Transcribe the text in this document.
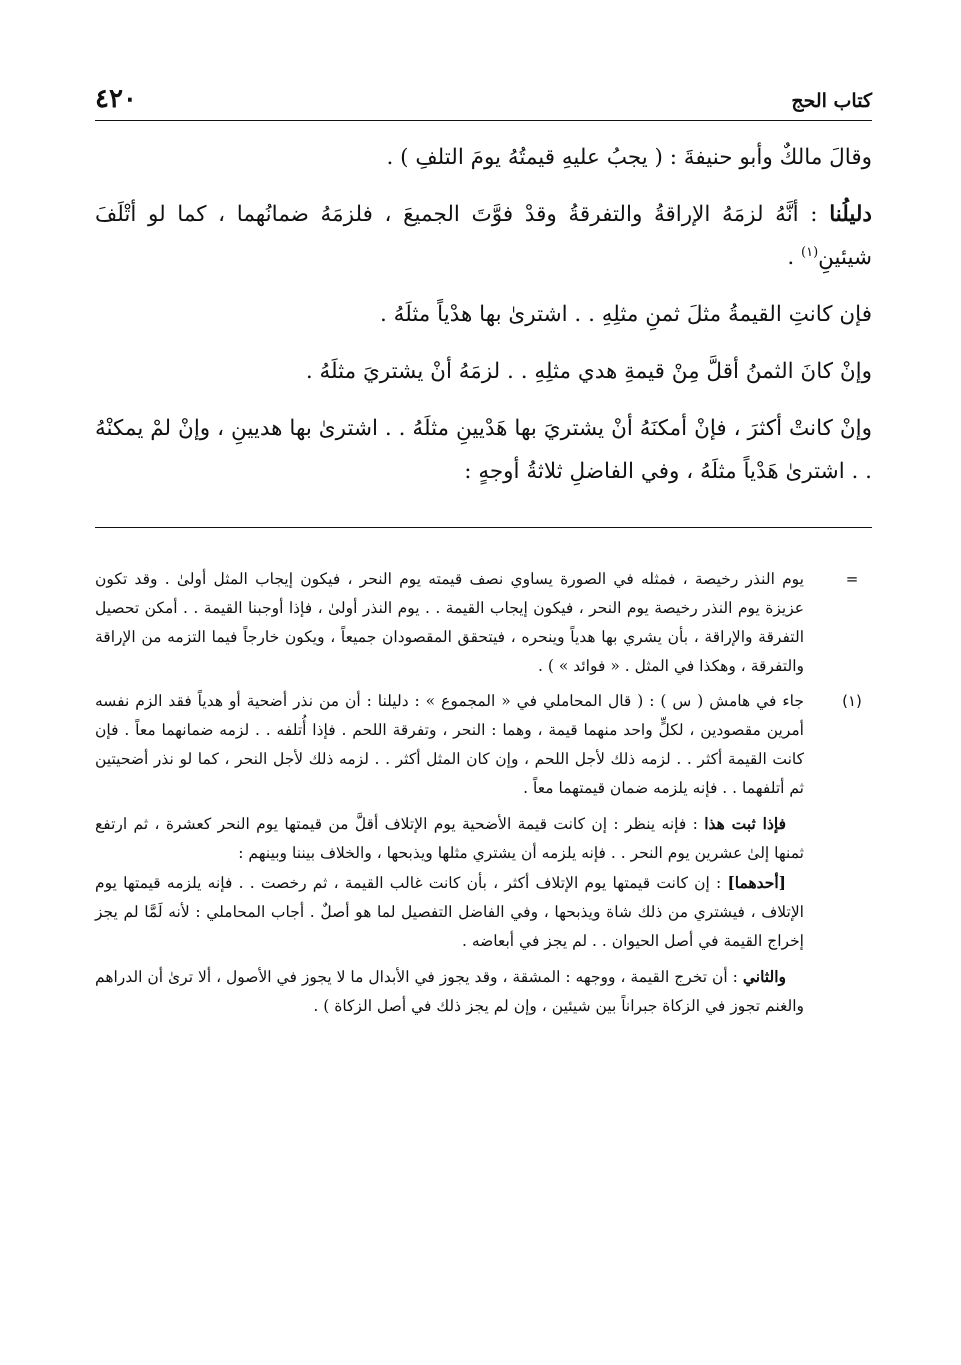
٤٢٠	كتاب الحج

وقالَ مالكٌ وأبو حنيفةَ : ( يجبُ عليهِ قيمتُهُ يومَ التلفِ ) .

دليلُنا : أنَّهُ لزمَهُ الإراقةُ والتفرقةُ وقدْ فوَّتَ الجميعَ ، فلزمَهُ ضمانُهما ، كما لو أتْلَفَ شيئينِ$^{(١)}$ .

فإن كانتِ القيمةُ مثلَ ثمنِ مثلِهِ . . اشترىٰ بها هدْياً مثلَهُ .

وإنْ كانَ الثمنُ أقلَّ مِنْ قيمةِ هدي مثلِهِ . . لزمَهُ أنْ يشتريَ مثلَهُ .

وإنْ كانتْ أكثرَ ، فإنْ أمكنَهُ أنْ يشتريَ بها هَدْيينِ مثلَهُ . . اشترىٰ بها هديينِ ، وإنْ لمْ يمكنْهُ . . اشترىٰ هَدْياً مثلَهُ ، وفي الفاضلِ ثلاثةُ أوجهٍ :

=
يوم النذر رخيصة ، فمثله في الصورة يساوي نصف قيمته يوم النحر ، فيكون إيجاب المثل أولىٰ . وقد تكون عزيزة يوم النذر رخيصة يوم النحر ، فيكون إيجاب القيمة . . يوم النذر أولىٰ ، فإذا أوجبنا القيمة . . أمكن تحصيل التفرقة والإراقة ، بأن يشري بها هدياً وينحره ، فيتحقق المقصودان جميعاً ، ويكون خارجاً فيما التزمه من الإراقة والتفرقة ، وهكذا في المثل . « فوائد » ) .

(١)
جاء في هامش ( س ) : ( قال المحاملي في « المجموع » : دليلنا : أن من نذر أضحية أو هدياً فقد الزم نفسه أمرين مقصودين ، لكلٍّ واحد منهما قيمة ، وهما : النحر ، وتفرقة اللحم . فإذا أُتلفه . . لزمه ضمانهما معاً . فإن كانت القيمة أكثر . . لزمه ذلك لأجل اللحم ، وإن كان المثل أكثر . . لزمه ذلك لأجل النحر ، كما لو نذر أضحيتين ثم أتلفهما . . فإنه يلزمه ضمان قيمتهما معاً .

فإذا ثبت هذا : فإنه ينظر : إن كانت قيمة الأضحية يوم الإتلاف أقلَّ من قيمتها يوم النحر كعشرة ، ثم ارتفع ثمنها إلىٰ عشرين يوم النحر . . فإنه يلزمه أن يشتري مثلها ويذبحها ، والخلاف بيننا وبينهم :

[أحدهما] : إن كانت قيمتها يوم الإتلاف أكثر ، بأن كانت غالب القيمة ، ثم رخصت . . فإنه يلزمه قيمتها يوم الإتلاف ، فيشتري من ذلك شاة ويذبحها ، وفي الفاضل التفصيل لما هو أصلٌ . أجاب المحاملي : لأنه لَمَّا لم يجز إخراج القيمة في أصل الحيوان . . لم يجز في أبعاضه .

والثاني : أن تخرج القيمة ، ووجهه : المشقة ، وقد يجوز في الأبدال ما لا يجوز في الأصول ، ألا ترىٰ أن الدراهم والغنم تجوز في الزكاة جبراناً بين شيئين ، وإن لم يجز ذلك في أصل الزكاة ) .
